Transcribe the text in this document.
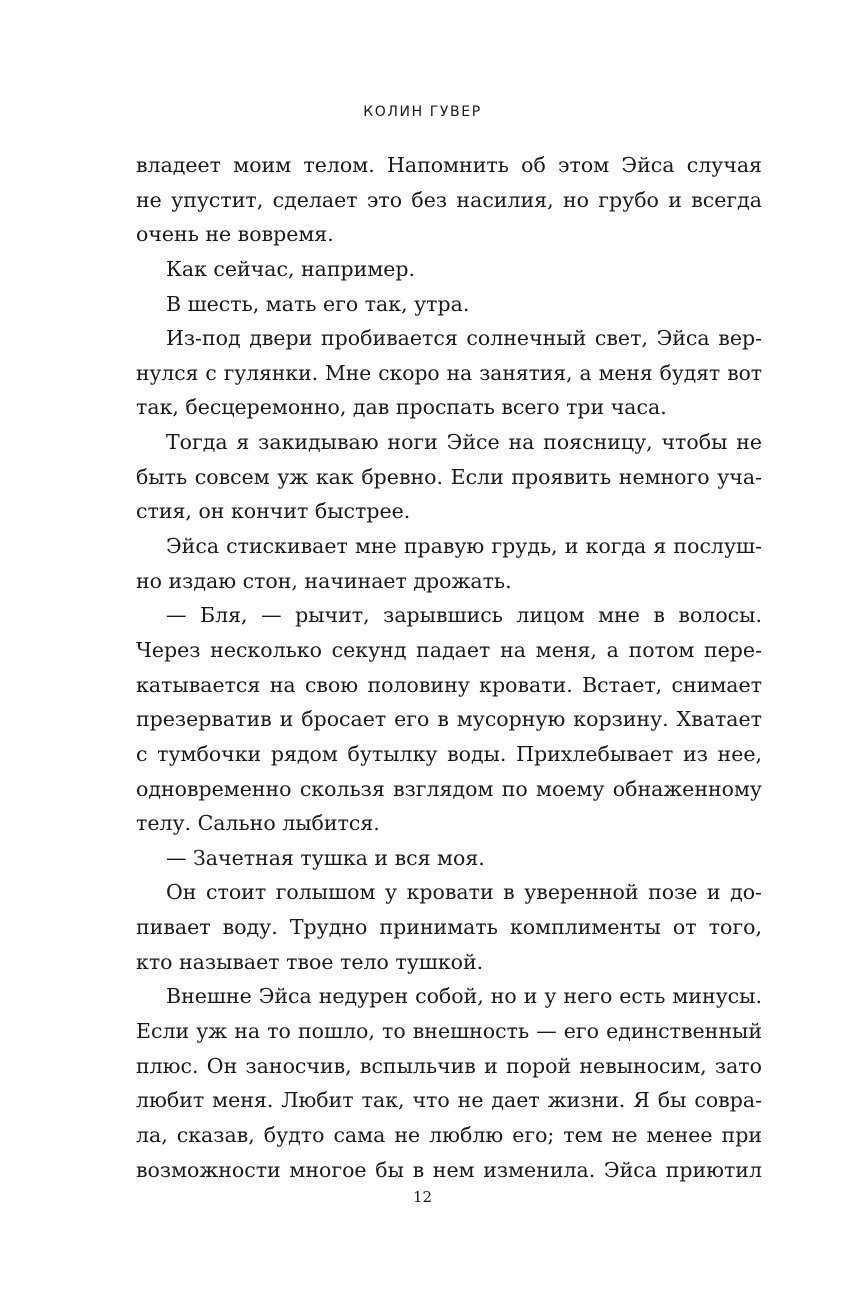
КОЛИН ГУВЕР
владеет моим телом. Напомнить об этом Эйса случая
не упустит, сделает это без насилия, но грубо и всегда
очень не вовремя.
Как сейчас, например.
В шесть, мать его так, утра.
Из-под двери пробивается солнечный свет, Эйса вер-
нулся с гулянки. Мне скоро на занятия, а меня будят вот
так, бесцеремонно, дав проспать всего три часа.
Тогда я закидываю ноги Эйсе на поясницу, чтобы не
быть совсем уж как бревно. Если проявить немного уча-
стия, он кончит быстрее.
Эйса стискивает мне правую грудь, и когда я послуш-
но издаю стон, начинает дрожать.
— Бля, — рычит, зарывшись лицом мне в волосы.
Через несколько секунд падает на меня, а потом пере-
катывается на свою половину кровати. Встает, снимает
презерватив и бросает его в мусорную корзину. Хватает
с тумбочки рядом бутылку воды. Прихлебывает из нее,
одновременно скользя взглядом по моему обнаженному
телу. Сально лыбится.
— Зачетная тушка и вся моя.
Он стоит голышом у кровати в уверенной позе и до-
пивает воду. Трудно принимать комплименты от того,
кто называет твое тело тушкой.
Внешне Эйса недурен собой, но и у него есть минусы.
Если уж на то пошло, то внешность — его единственный
плюс. Он заносчив, вспыльчив и порой невыносим, зато
любит меня. Любит так, что не дает жизни. Я бы совра-
ла, сказав, будто сама не люблю его; тем не менее при
возможности многое бы в нем изменила. Эйса приютил
12
